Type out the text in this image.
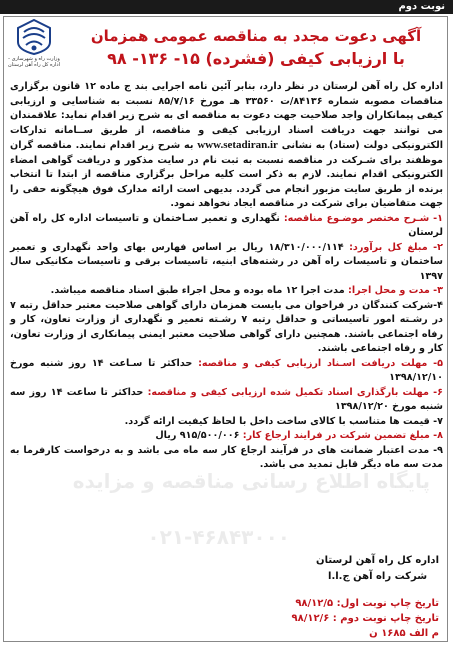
نوبت دوم
وزارت راه و شهرسازی - اداره کل راه آهن لرستان
آگهی دعوت مجدد به مناقصه عمومی همزمان
با ارزیابی کیفی (فشرده) ۱۵- ۱۳۶- ۹۸
پایگاه اطلاع رسانی مناقصه و مزایده
۰۲۱-۴۶۸۴۳۰۰۰

اداره کل راه آهن لرستان در نظر دارد، بنابر آئین نامه اجرایی بند ج ماده ۱۲ قانون برگزاری مناقصات مصوبه شماره ۸۴۱۳۶/ت ۳۳۵۶۰ هـ مورخ ۸۵/۷/۱۶ نسبت به شناسایی و ارزیابی کیفی پیمانکاران واجد صلاحیت جهت دعوت به مناقصه ای به شرح زیر اقدام نماید: علاقمندان می توانند جهت دریافت اسناد ارزیابی کیفی و مناقصه، از طریق ســامانه تدارکات الکترونیکی دولت (ستاد) به نشانی www.setadiran.ir به شرح زیر اقدام نمایند. مناقصه گران موظفند برای شـرکت در مناقصه نسبت به ثبت نام در سایت مذکور و دریافت گواهی امضاء الکترونیکی اقدام نمایند. لازم به ذکر است کلیه مراحل برگزاری مناقصه از ابتدا تا انتخاب برنده از طریق سایت مزبور انجام می گردد. بدیهی است ارائه مدارک فوق هیچگونه حقی را جهت متقاضیان برای شرکت در مناقصه ایجاد نخواهد نمود.

۱- شـرح مختصر موضـوع مناقصه: نگهداری و تعمیر سـاختمان و تاسیسات اداره کل راه آهن لرستان

۲- مبلغ کل برآورد: ۱۸/۳۱۰/۰۰۰/۱۱۴ ریال بر اساس فهارس بهای واحد نگهداری و تعمیر ساختمان و تاسیسات راه آهن در رشته‌های ابنیه، تاسیسات برقی و تاسیسات مکانیکی سال ۱۳۹۷

۳- مدت و محل اجرا: مدت اجرا ۱۲ ماه بوده و محل اجراء طبق اسناد مناقصه میباشد.

۴-شرکت کنندگان در فراخوان می بایست همزمان دارای گواهی صلاحیت معتبر حداقل رتبه ۷ در رشـته امور تاسیساتی و حداقل رتبه ۷ رشـته تعمیر و نگهداری از وزارت تعاون، کار و رفاه اجتماعی باشند. همچنین دارای گواهی صلاحیت معتبر ایمنی پیمانکاری از وزارت تعاون، کار و رفاه اجتماعی باشند.

۵- مهلت دریافت اسـناد ارزیابی کیفی و مناقصه: حداکثر تا سـاعت ۱۴ روز شنبه مورخ ۱۳۹۸/۱۲/۱۰

۶- مهلت بارگذاری اسناد تکمیل شده ارزیابی کیفی و مناقصه: حداکثر تا ساعت ۱۴ روز سه شنبه مورخ ۱۳۹۸/۱۲/۲۰

۷- قیمت ها متناسب با کالای ساخت داخل با لحاظ کیفیت ارائه گردد.

۸- مبلغ تضمین شرکت در فرایند ارجاع کار: ۹۱۵/۵۰۰/۰۰۶ ریال

۹- مدت اعتبار ضمانت های در فرآیند ارجاع کار سه ماه می باشد و به درخواست کارفرما به مدت سه ماه دیگر قابل تمدید می باشد.

اداره کل راه آهن لرستان
شرکت راه آهن ج.ا.ا
تاریخ چاپ نوبت اول: ۹۸/۱۲/۵
تاریخ چاپ نوبت دوم : ۹۸/۱۲/۶
م الف ۱۶۸۵ ن
